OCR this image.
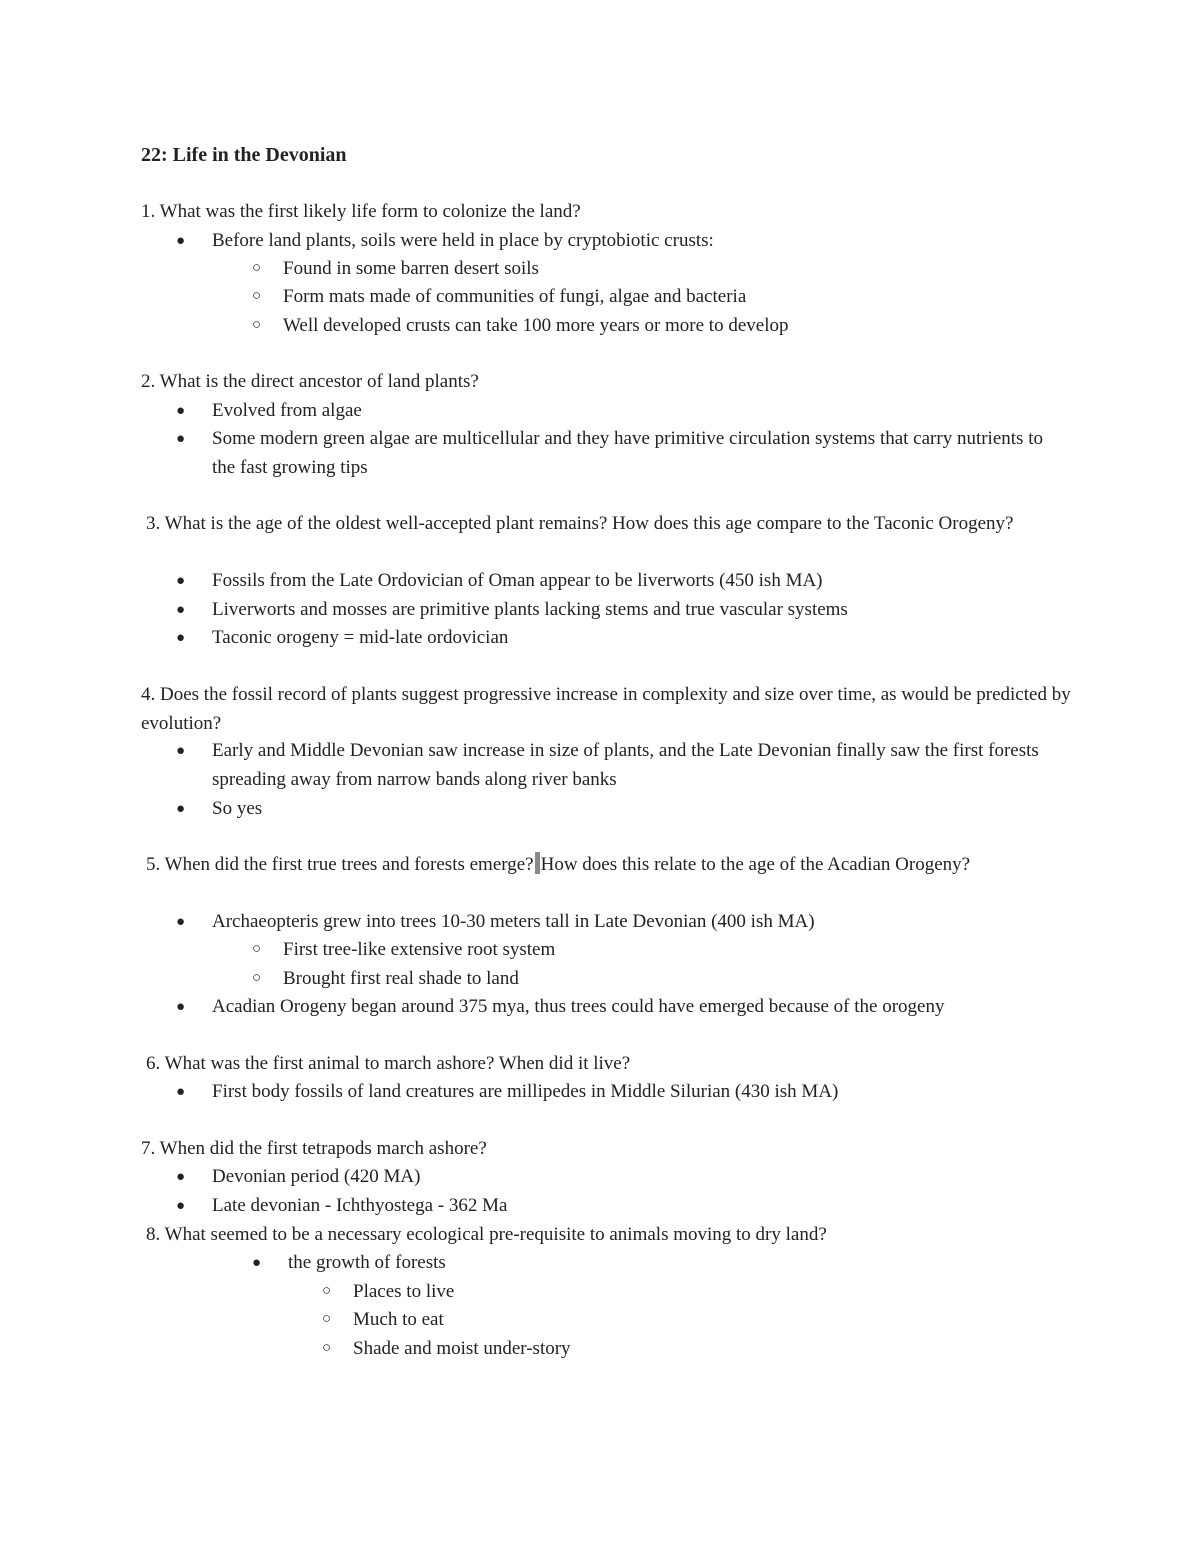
22: Life in the Devonian
1. What was the first likely life form to colonize the land?
● Before land plants, soils were held in place by cryptobiotic crusts:
○ Found in some barren desert soils
○ Form mats made of communities of fungi, algae and bacteria
○ Well developed crusts can take 100 more years or more to develop
2. What is the direct ancestor of land plants?
● Evolved from algae
● Some modern green algae are multicellular and they have primitive circulation systems that carry nutrients to the fast growing tips
3. What is the age of the oldest well-accepted plant remains? How does this age compare to the Taconic Orogeny?
● Fossils from the Late Ordovician of Oman appear to be liverworts (450 ish MA)
● Liverworts and mosses are primitive plants lacking stems and true vascular systems
● Taconic orogeny = mid-late ordovician
4. Does the fossil record of plants suggest progressive increase in complexity and size over time, as would be predicted by evolution?
● Early and Middle Devonian saw increase in size of plants, and the Late Devonian finally saw the first forests spreading away from narrow bands along river banks
● So yes
5. When did the first true trees and forests emerge? How does this relate to the age of the Acadian Orogeny?
● Archaeopteris grew into trees 10-30 meters tall in Late Devonian (400 ish MA)
○ First tree-like extensive root system
○ Brought first real shade to land
● Acadian Orogeny began around 375 mya, thus trees could have emerged because of the orogeny
6. What was the first animal to march ashore? When did it live?
● First body fossils of land creatures are millipedes in Middle Silurian (430 ish MA)
7. When did the first tetrapods march ashore?
● Devonian period (420 MA)
● Late devonian - Ichthyostega - 362 Ma
8. What seemed to be a necessary ecological pre-requisite to animals moving to dry land?
● the growth of forests
○ Places to live
○ Much to eat
○ Shade and moist under-story
